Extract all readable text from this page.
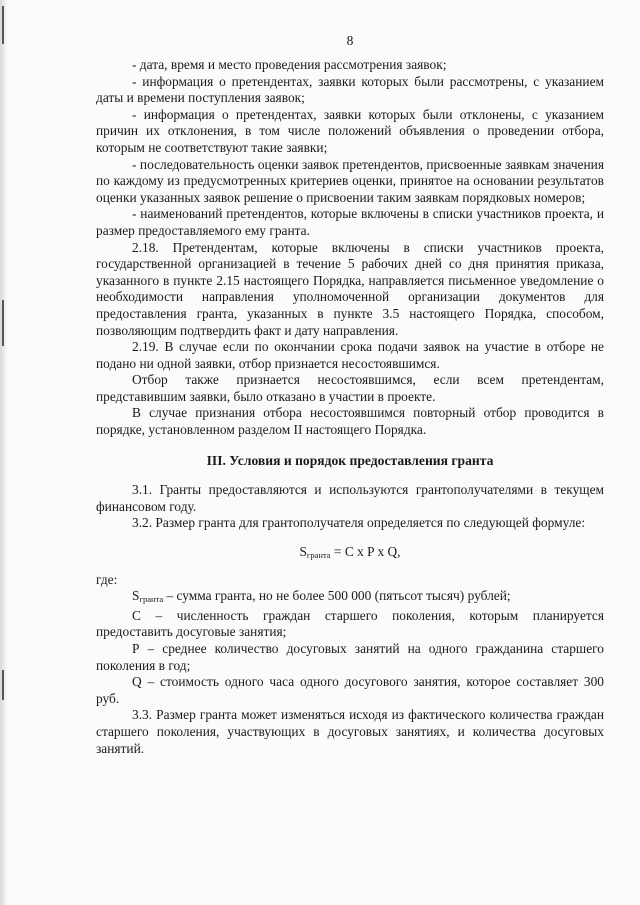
8

- дата, время и место проведения рассмотрения заявок;

- информация о претендентах, заявки которых были рассмотрены, с указанием даты и времени поступления заявок;

- информация о претендентах, заявки которых были отклонены, с указанием причин их отклонения, в том числе положений объявления о проведении отбора, которым не соответствуют такие заявки;

- последовательность оценки заявок претендентов, присвоенные заявкам значения по каждому из предусмотренных критериев оценки, принятое на основании результатов оценки указанных заявок решение о присвоении таким заявкам порядковых номеров;

- наименований претендентов, которые включены в списки участников проекта, и размер предоставляемого ему гранта.

2.18. Претендентам, которые включены в списки участников проекта, государственной организацией в течение 5 рабочих дней со дня принятия приказа, указанного в пункте 2.15 настоящего Порядка, направляется письменное уведомление о необходимости направления уполномоченной организации документов для предоставления гранта, указанных в пункте 3.5 настоящего Порядка, способом, позволяющим подтвердить факт и дату направления.

2.19. В случае если по окончании срока подачи заявок на участие в отборе не подано ни одной заявки, отбор признается несостоявшимся.

Отбор также признается несостоявшимся, если всем претендентам, представившим заявки, было отказано в участии в проекте.

В случае признания отбора несостоявшимся повторный отбор проводится в порядке, установленном разделом II настоящего Порядка.

III. Условия и порядок предоставления гранта

3.1. Гранты предоставляются и используются грантополучателями в текущем финансовом году.

3.2. Размер гранта для грантополучателя определяется по следующей формуле:

$S_{гранта} = C$ x P x Q,

где:

$S_{гранта}$ – сумма гранта, но не более 500 000 (пятьсот тысяч) рублей;

С – численность граждан старшего поколения, которым планируется предоставить досуговые занятия;

Р – среднее количество досуговых занятий на одного гражданина старшего поколения в год;

Q – стоимость одного часа одного досугового занятия, которое составляет 300 руб.

3.3. Размер гранта может изменяться исходя из фактического количества граждан старшего поколения, участвующих в досуговых занятиях, и количества досуговых занятий.
